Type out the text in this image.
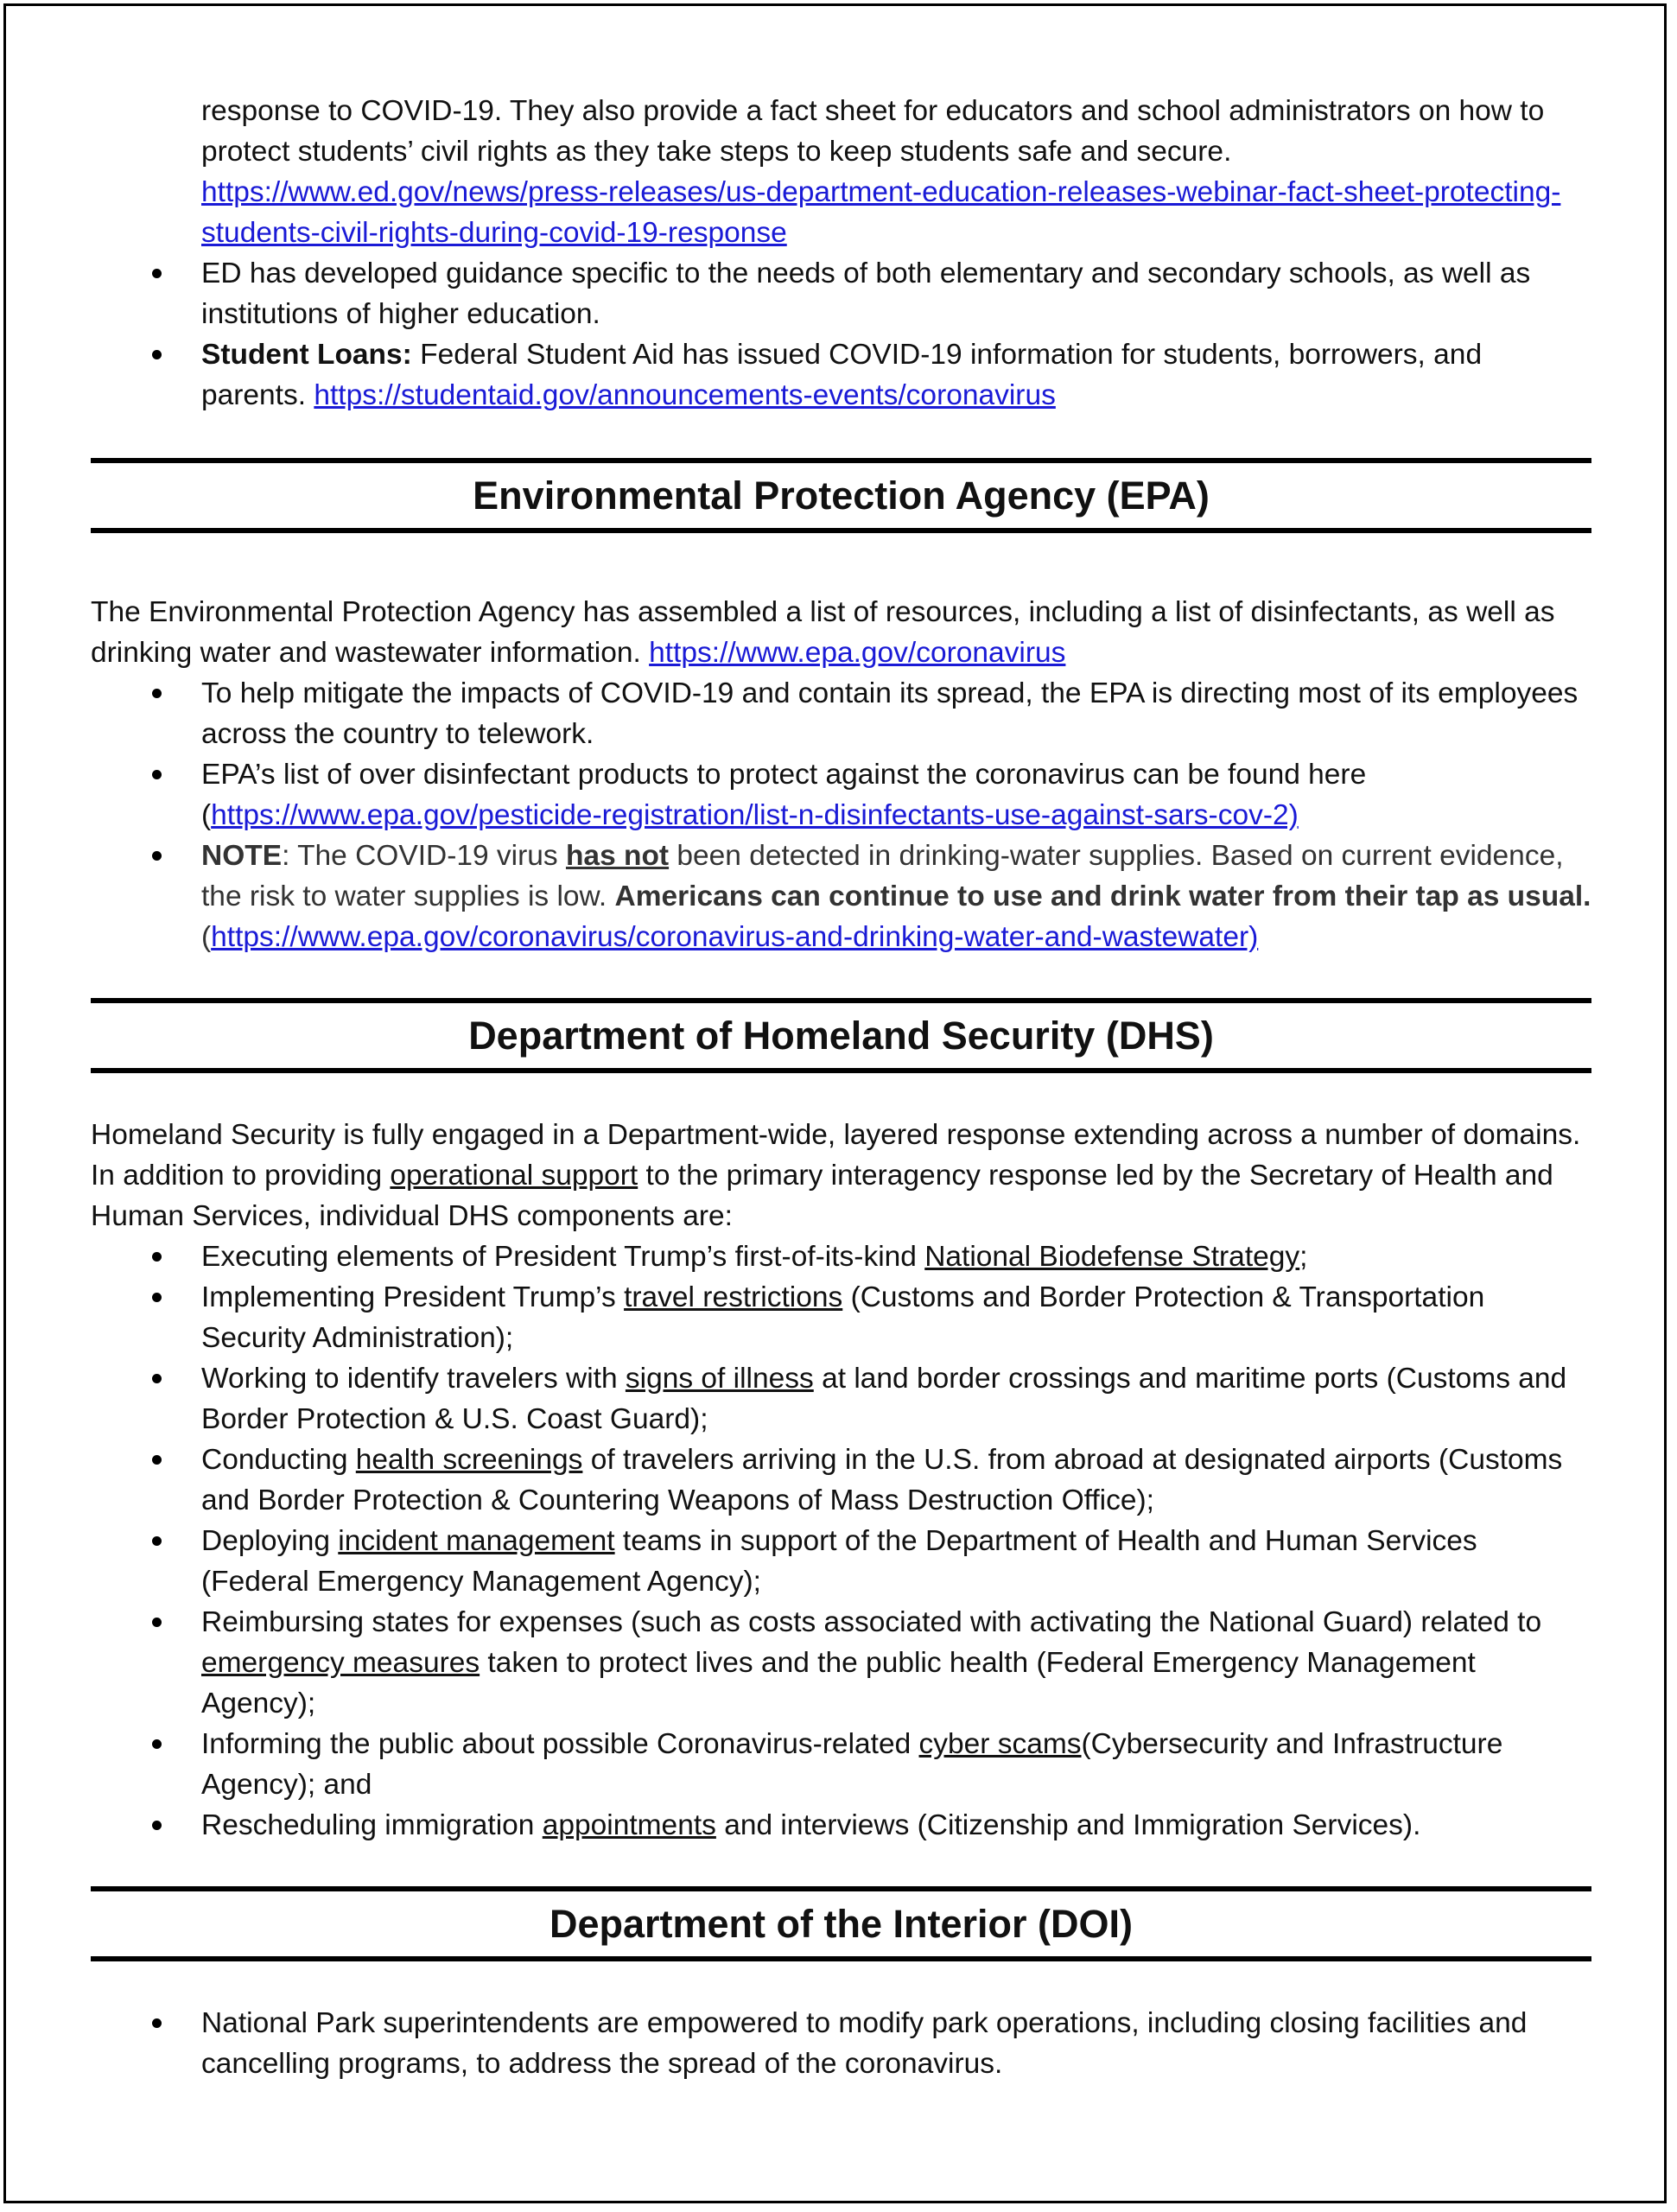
response to COVID-19. They also provide a fact sheet for educators and school administrators on how to protect students’ civil rights as they take steps to keep students safe and secure.
https://www.ed.gov/news/press-releases/us-department-education-releases-webinar-fact-sheet-protecting-students-civil-rights-during-covid-19-response

ED has developed guidance specific to the needs of both elementary and secondary schools, as well as institutions of higher education.
Student Loans: Federal Student Aid has issued COVID-19 information for students, borrowers, and parents. https://studentaid.gov/announcements-events/coronavirus
Environmental Protection Agency (EPA)

The Environmental Protection Agency has assembled a list of resources, including a list of disinfectants, as well as drinking water and wastewater information. https://www.epa.gov/coronavirus

To help mitigate the impacts of COVID-19 and contain its spread, the EPA is directing most of its employees across the country to telework.
EPA’s list of over disinfectant products to protect against the coronavirus can be found here
(https://www.epa.gov/pesticide-registration/list-n-disinfectants-use-against-sars-cov-2)
NOTE: The COVID-19 virus has not been detected in drinking-water supplies. Based on current evidence, the risk to water supplies is low. Americans can continue to use and drink water from their tap as usual. (https://www.epa.gov/coronavirus/coronavirus-and-drinking-water-and-wastewater)
Department of Homeland Security (DHS)

Homeland Security is fully engaged in a Department-wide, layered response extending across a number of domains. In addition to providing operational support to the primary interagency response led by the Secretary of Health and Human Services, individual DHS components are:

Executing elements of President Trump’s first-of-its-kind National Biodefense Strategy;
Implementing President Trump’s travel restrictions (Customs and Border Protection & Transportation Security Administration);
Working to identify travelers with signs of illness at land border crossings and maritime ports (Customs and Border Protection & U.S. Coast Guard);
Conducting health screenings of travelers arriving in the U.S. from abroad at designated airports (Customs and Border Protection & Countering Weapons of Mass Destruction Office);
Deploying incident management teams in support of the Department of Health and Human Services (Federal Emergency Management Agency);
Reimbursing states for expenses (such as costs associated with activating the National Guard) related to emergency measures taken to protect lives and the public health (Federal Emergency Management Agency);
Informing the public about possible Coronavirus-related cyber scams(Cybersecurity and Infrastructure Agency); and
Rescheduling immigration appointments and interviews (Citizenship and Immigration Services).
Department of the Interior (DOI)
National Park superintendents are empowered to modify park operations, including closing facilities and cancelling programs, to address the spread of the coronavirus.
